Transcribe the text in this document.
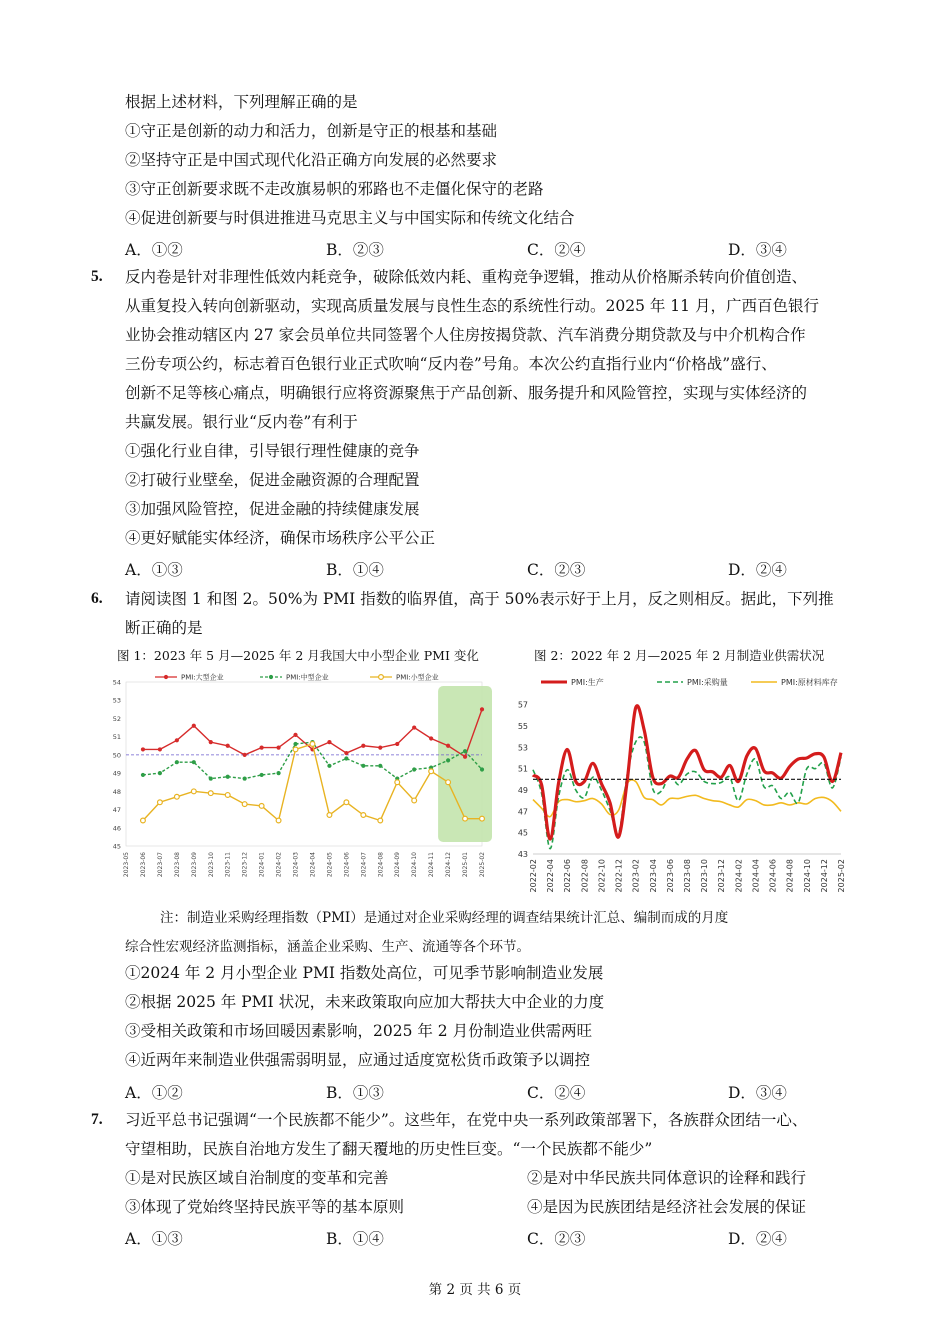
根据上述材料，下列理解正确的是
①守正是创新的动力和活力，创新是守正的根基和基础
②坚持守正是中国式现代化沿正确方向发展的必然要求
③守正创新要求既不走改旗易帜的邪路也不走僵化保守的老路
④促进创新要与时俱进推进马克思主义与中国实际和传统文化结合
A．①②	B．②③	C．②④	D．③④
5. 反内卷是针对非理性低效内耗竞争，破除低效内耗、重构竞争逻辑，推动从价格厮杀转向价值创造、
从重复投入转向创新驱动，实现高质量发展与良性生态的系统性行动。2025 年 11 月，广西百色银行
业协会推动辖区内 27 家会员单位共同签署个人住房按揭贷款、汽车消费分期贷款及与中介机构合作
三份专项公约，标志着百色银行业正式吹响“反内卷”号角。本次公约直指行业内“价格战”盛行、
创新不足等核心痛点，明确银行应将资源聚焦于产品创新、服务提升和风险管控，实现与实体经济的
共赢发展。银行业“反内卷”有利于
①强化行业自律，引导银行理性健康的竞争
②打破行业壁垒，促进金融资源的合理配置
③加强风险管控，促进金融的持续健康发展
④更好赋能实体经济，确保市场秩序公平公正
A．①③	B．①④	C．②③	D．②④
6. 请阅读图 1 和图 2。50%为 PMI 指数的临界值，高于 50%表示好于上月，反之则相反。据此，下列推
断正确的是
图 1：2023 年 5 月—2025 年 2 月我国大中小型企业 PMI 变化	图 2：2022 年 2 月—2025 年 2 月制造业供需状况
45
46
47
48
49
50
51
52
53
54
2023-05 2023-06 2023-07 2023-08 2023-09 2023-10 2023-11 2023-12 2024-01 2024-02 2024-03 2024-04 2024-05 2024-06 2024-07 2024-08 2024-09 2024-10 2024-11 2024-12 2025-01 2025-02
PMI:大型企业	PMI:中型企业	PMI:小型企业
43
45
47
49
51
53
55
57
2022-02 2022-04 2022-06 2022-08 2022-10 2022-12 2023-02 2023-04 2023-06 2023-08 2023-10 2023-12 2024-02 2024-04 2024-06 2024-08 2024-10 2024-12 2025-02
PMI:生产	PMI:采购量	PMI:原材料库存
注：制造业采购经理指数（PMI）是通过对企业采购经理的调查结果统计汇总、编制而成的月度
综合性宏观经济监测指标，涵盖企业采购、生产、流通等各个环节。
①2024 年 2 月小型企业 PMI 指数处高位，可见季节影响制造业发展
②根据 2025 年 PMI 状况，未来政策取向应加大帮扶大中企业的力度
③受相关政策和市场回暖因素影响，2025 年 2 月份制造业供需两旺
④近两年来制造业供强需弱明显，应通过适度宽松货币政策予以调控
A．①②	B．①③	C．②④	D．③④
7. 习近平总书记强调“一个民族都不能少”。这些年，在党中央一系列政策部署下，各族群众团结一心、
守望相助，民族自治地方发生了翻天覆地的历史性巨变。“一个民族都不能少”
①是对民族区域自治制度的变革和完善	②是对中华民族共同体意识的诠释和践行
③体现了党始终坚持民族平等的基本原则	④是因为民族团结是经济社会发展的保证
A．①③	B．①④	C．②③	D．②④
第 2 页 共 6 页
